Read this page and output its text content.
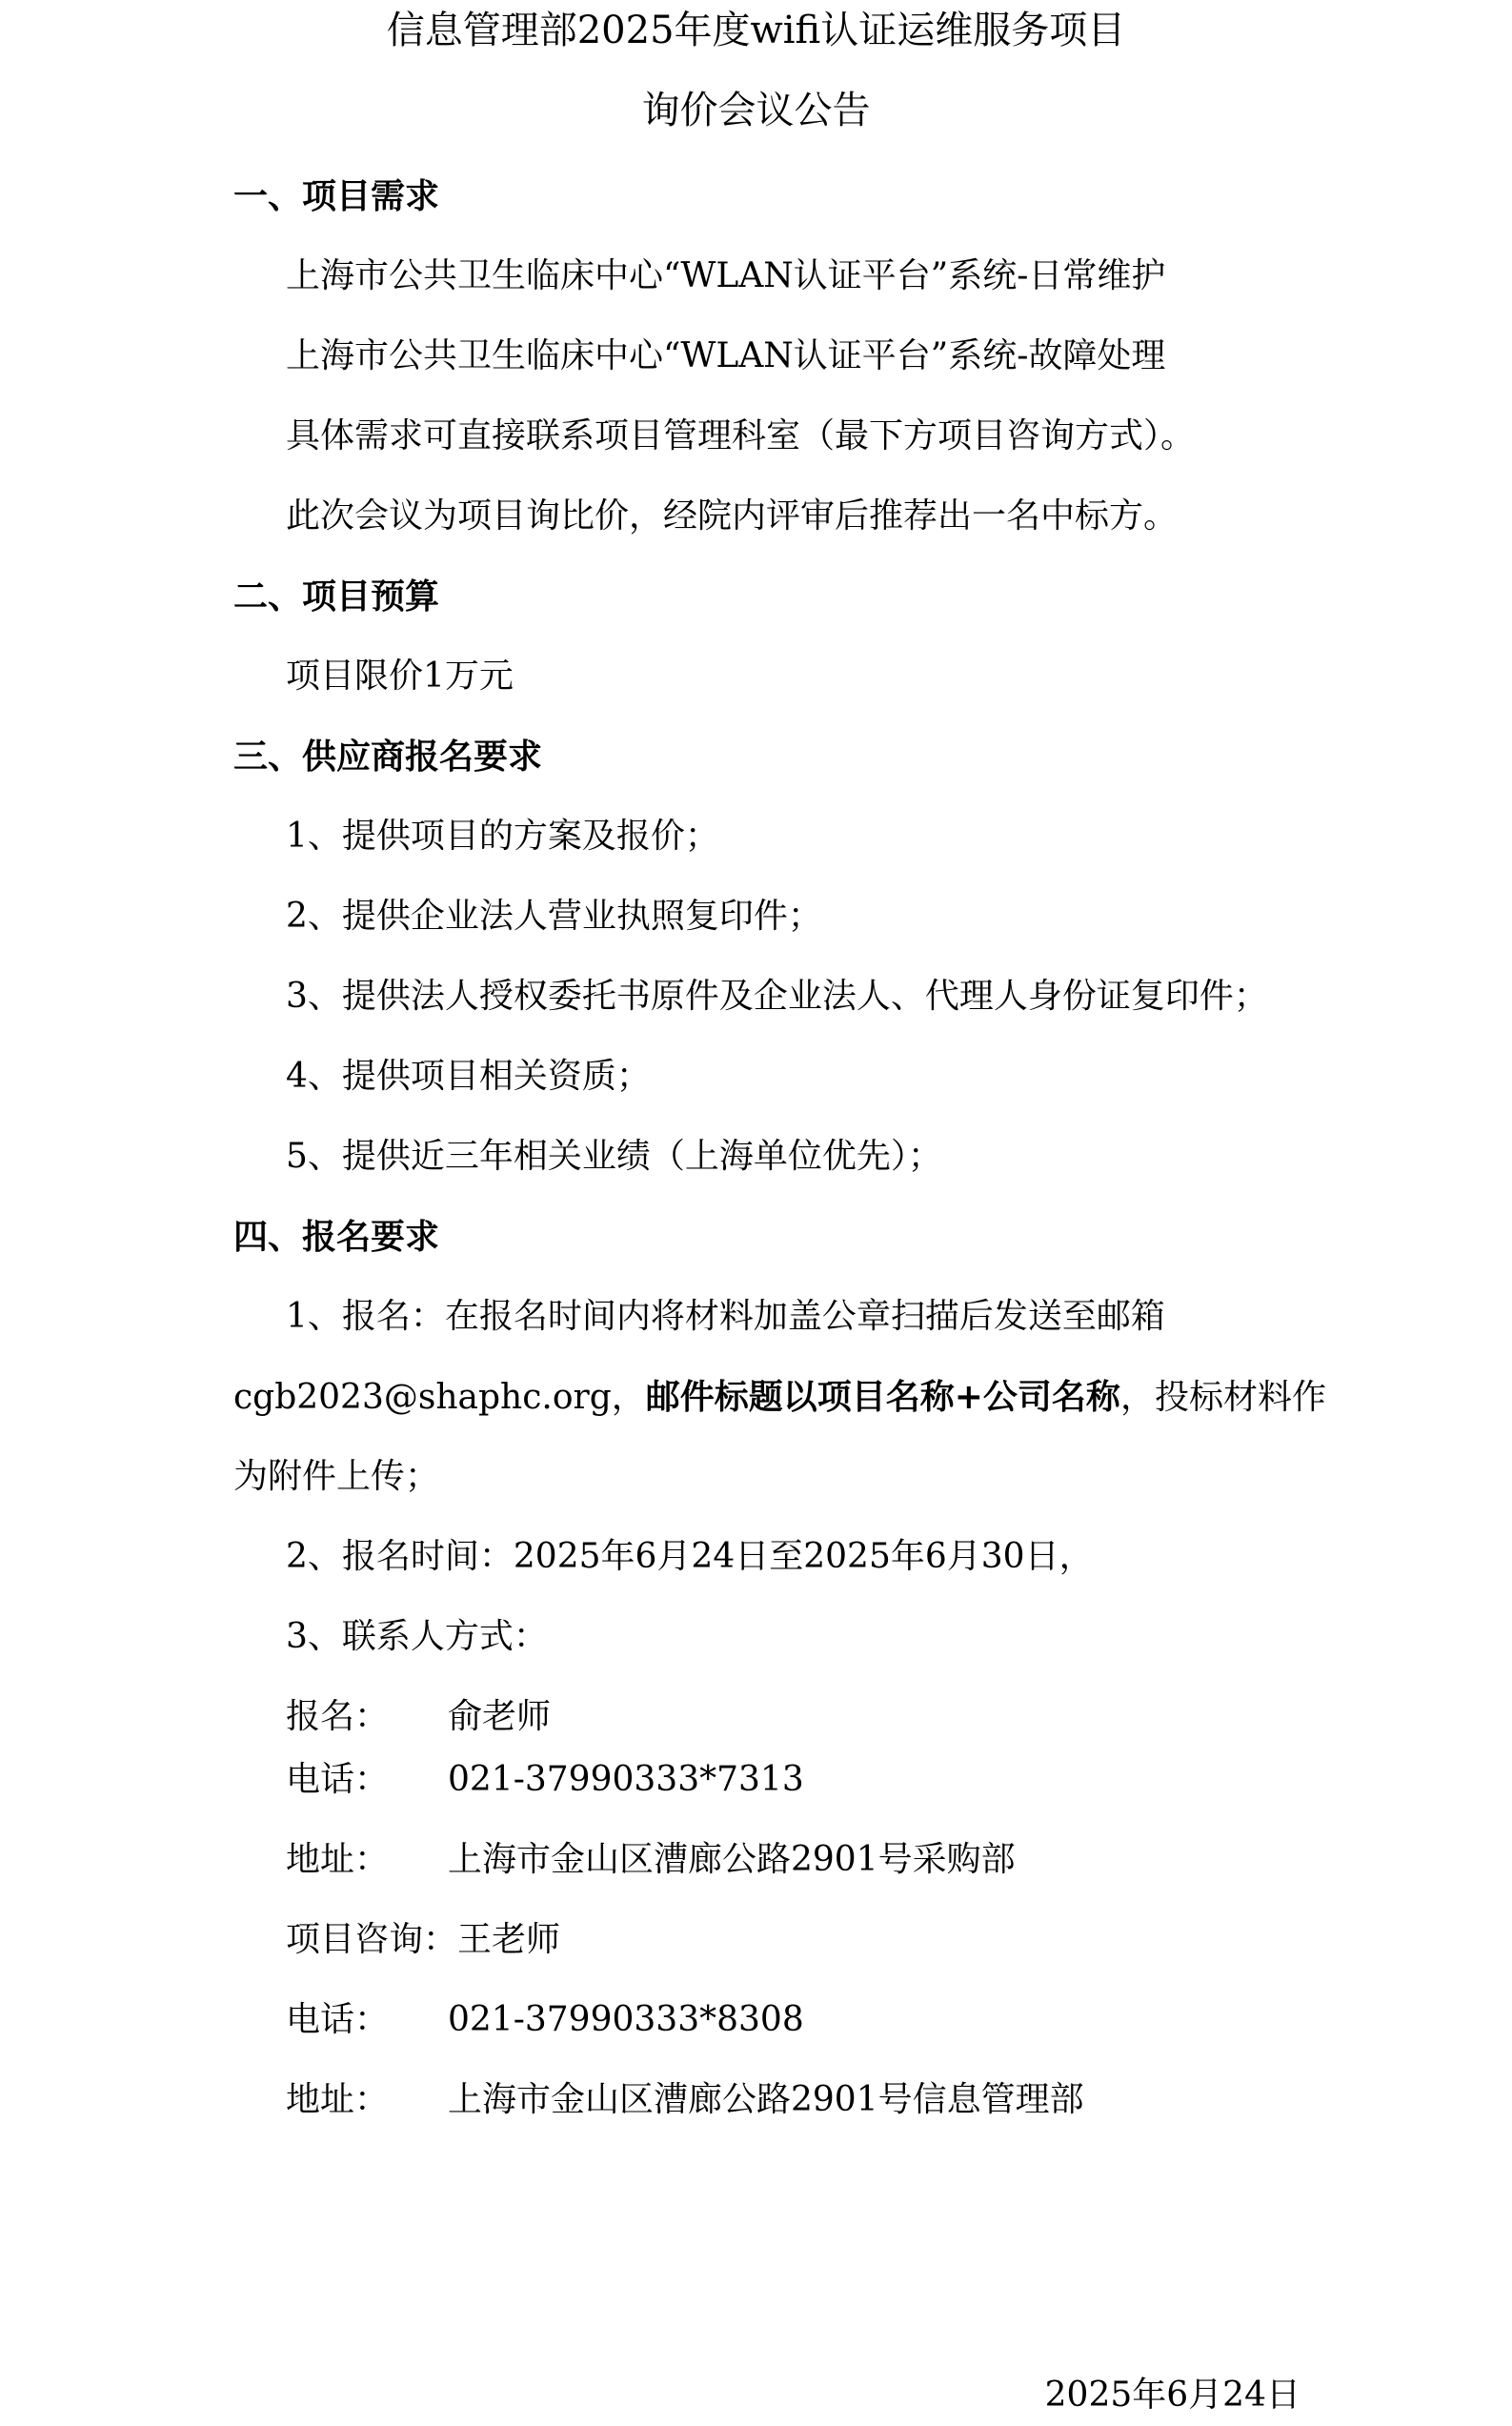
信息管理部2025年度wifi认证运维服务项目
询价会议公告
一、项目需求
上海市公共卫生临床中心“WLAN认证平台”系统-日常维护
上海市公共卫生临床中心“WLAN认证平台”系统-故障处理
具体需求可直接联系项目管理科室（最下方项目咨询方式）。
此次会议为项目询比价，经院内评审后推荐出一名中标方。
二、项目预算
项目限价1万元
三、供应商报名要求
1、提供项目的方案及报价；
2、提供企业法人营业执照复印件；
3、提供法人授权委托书原件及企业法人、代理人身份证复印件；
4、提供项目相关资质；
5、提供近三年相关业绩（上海单位优先）；
四、报名要求
1、报名：在报名时间内将材料加盖公章扫描后发送至邮箱
cgb2023@shaphc.org，邮件标题以项目名称+公司名称，投标材料作
为附件上传；
2、报名时间：2025年6月24日至2025年6月30日，
3、联系人方式：
报名： 俞老师
电话： 021-37990333*7313
地址： 上海市金山区漕廊公路2901号采购部
项目咨询：王老师
电话： 021-37990333*8308
地址： 上海市金山区漕廊公路2901号信息管理部
2025年6月24日
